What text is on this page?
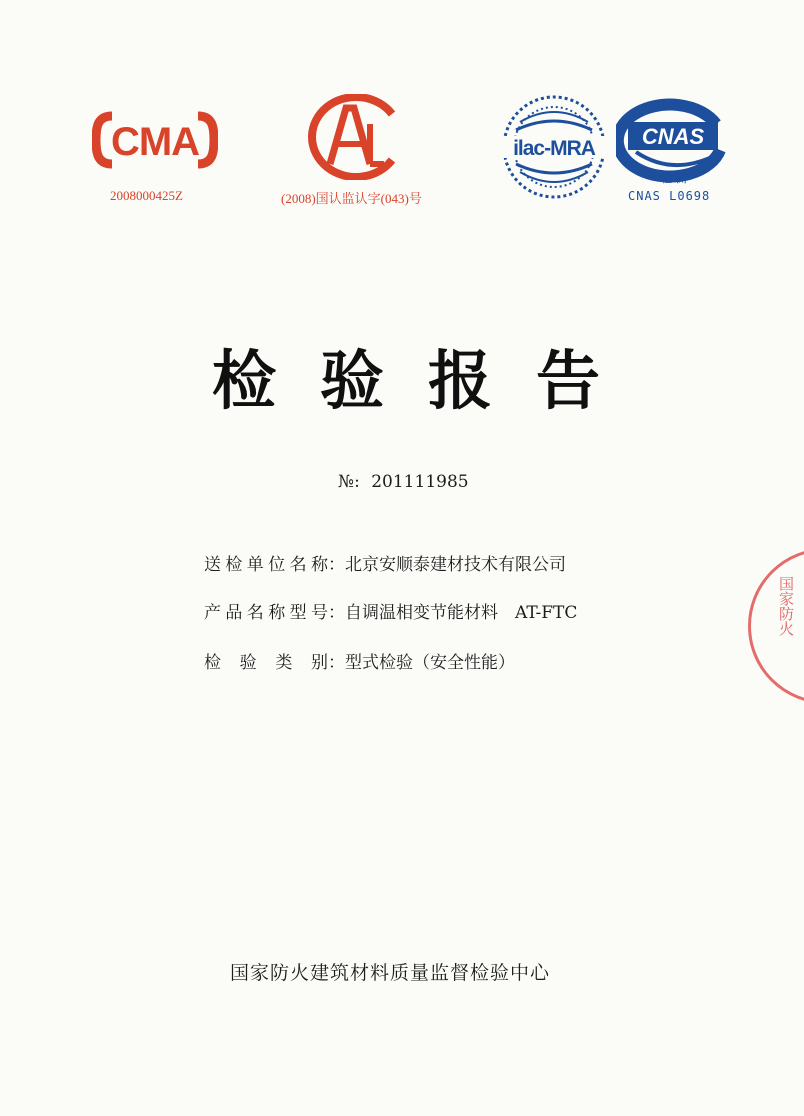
CMA
2008000425Z
CAL
(2008)国认监认字(043)号
ilac-MRA CNAS
检 测
CNAS L0698
检验报告
№: 201111985
送检单位名称 ： 北京安顺泰建材技术有限公司
产品名称型号 ： 自调温相变节能材料　AT-FTC
检验类别 ： 型式检验（安全性能）
国家防火建筑材料质量监督检验中心
国家防火
